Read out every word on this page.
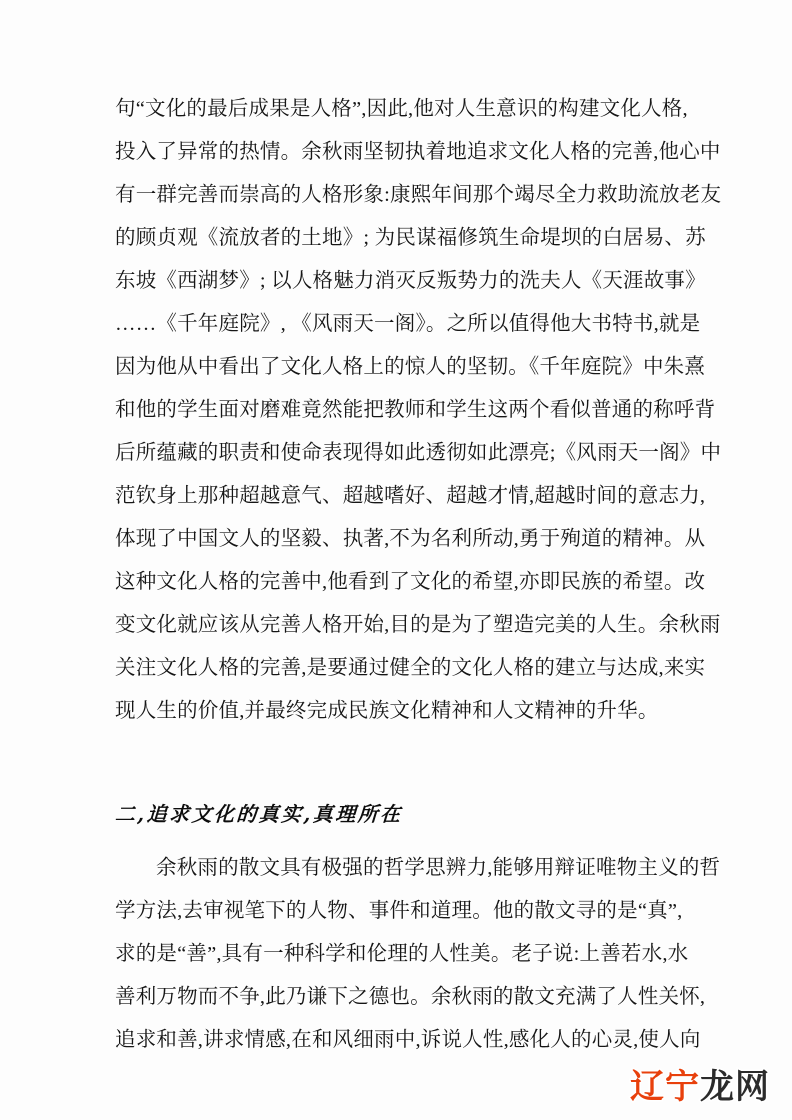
句“文化的最后成果是人格”,因此,他对人生意识的构建文化人格,
投入了异常的热情。余秋雨坚韧执着地追求文化人格的完善,他心中
有一群完善而崇高的人格形象:康熙年间那个竭尽全力救助流放老友
的顾贞观《流放者的土地》; 为民谋福修筑生命堤坝的白居易、苏
东坡《西湖梦》; 以人格魅力消灭反叛势力的洗夫人《天涯故事》
……《千年庭院》, 《风雨天一阁》。之所以值得他大书特书,就是
因为他从中看出了文化人格上的惊人的坚韧。《千年庭院》中朱熹
和他的学生面对磨难竟然能把教师和学生这两个看似普通的称呼背
后所蕴藏的职责和使命表现得如此透彻如此漂亮;《风雨天一阁》中
范钦身上那种超越意气、超越嗜好、超越才情,超越时间的意志力,
体现了中国文人的坚毅、执著,不为名利所动,勇于殉道的精神。从
这种文化人格的完善中,他看到了文化的希望,亦即民族的希望。改
变文化就应该从完善人格开始,目的是为了塑造完美的人生。余秋雨
关注文化人格的完善,是要通过健全的文化人格的建立与达成,来实
现人生的价值,并最终完成民族文化精神和人文精神的升华。
二,追求文化的真实,真理所在
余秋雨的散文具有极强的哲学思辨力,能够用辩证唯物主义的哲
学方法,去审视笔下的人物、事件和道理。他的散文寻的是“真”,
求的是“善”,具有一种科学和伦理的人性美。老子说:上善若水,水
善利万物而不争,此乃谦下之德也。余秋雨的散文充满了人性关怀,
追求和善,讲求情感,在和风细雨中,诉说人性,感化人的心灵,使人向
辽宁龙网
